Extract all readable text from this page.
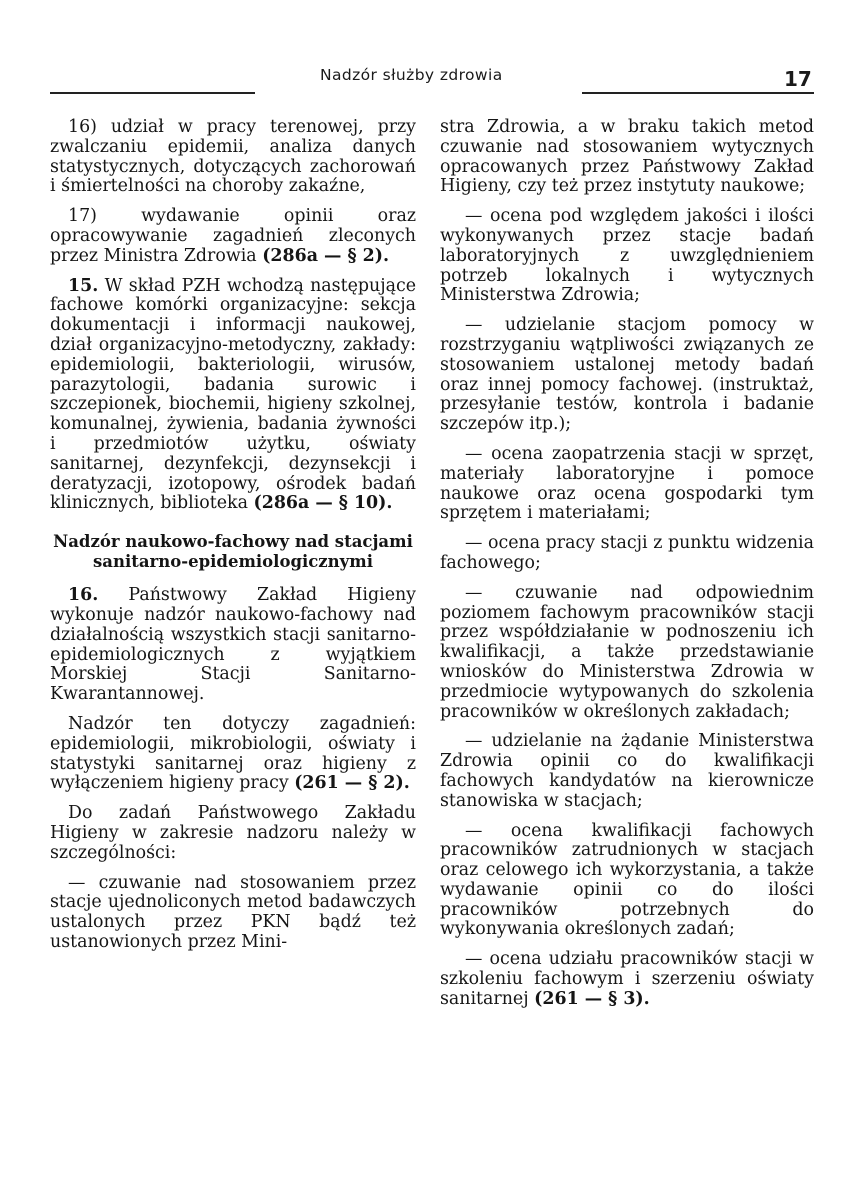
Nadzór służby zdrowia	17

16) udział w pracy terenowej, przy zwalczaniu epidemii, analiza danych statystycznych, dotyczących zachorowań i śmiertelności na choroby zakaźne,

17) wydawanie opinii oraz opracowywanie zagadnień zleconych przez Ministra Zdrowia (286a — § 2).

15. W skład PZH wchodzą następujące fachowe komórki organizacyjne: sekcja dokumentacji i informacji naukowej, dział organizacyjno-metodyczny, zakłady: epidemiologii, bakteriologii, wirusów, parazytologii, badania surowic i szczepionek, biochemii, higieny szkolnej, komunalnej, żywienia, badania żywności i przedmiotów użytku, oświaty sanitarnej, dezynfekcji, dezynsekcji i deratyzacji, izotopowy, ośrodek badań klinicznych, biblioteka (286a — § 10).

Nadzór naukowo-fachowy nad stacjami sanitarno-epidemiologicznymi

16. Państwowy Zakład Higieny wykonuje nadzór naukowo-fachowy nad działalnością wszystkich stacji sanitarno-epidemiologicznych z wyjątkiem Morskiej Stacji Sanitarno-Kwarantannowej.

Nadzór ten dotyczy zagadnień: epidemiologii, mikrobiologii, oświaty i statystyki sanitarnej oraz higieny z wyłączeniem higieny pracy (261 — § 2).

Do zadań Państwowego Zakładu Higieny w zakresie nadzoru należy w szczególności:

— czuwanie nad stosowaniem przez stacje ujednoliconych metod badawczych ustalonych przez PKN bądź też ustanowionych przez Mini-

stra Zdrowia, a w braku takich metod czuwanie nad stosowaniem wytycznych opracowanych przez Państwowy Zakład Higieny, czy też przez instytuty naukowe;

— ocena pod względem jakości i ilości wykonywanych przez stacje badań laboratoryjnych z uwzględnieniem potrzeb lokalnych i wytycznych Ministerstwa Zdrowia;

— udzielanie stacjom pomocy w rozstrzyganiu wątpliwości związanych ze stosowaniem ustalonej metody badań oraz innej pomocy fachowej. (instruktaż, przesyłanie testów, kontrola i badanie szczepów itp.);

— ocena zaopatrzenia stacji w sprzęt, materiały laboratoryjne i pomoce naukowe oraz ocena gospodarki tym sprzętem i materiałami;

— ocena pracy stacji z punktu widzenia fachowego;

— czuwanie nad odpowiednim poziomem fachowym pracowników stacji przez współdziałanie w podnoszeniu ich kwalifikacji, a także przedstawianie wniosków do Ministerstwa Zdrowia w przedmiocie wytypowanych do szkolenia pracowników w określonych zakładach;

— udzielanie na żądanie Ministerstwa Zdrowia opinii co do kwalifikacji fachowych kandydatów na kierownicze stanowiska w stacjach;

— ocena kwalifikacji fachowych pracowników zatrudnionych w stacjach oraz celowego ich wykorzystania, a także wydawanie opinii co do ilości pracowników potrzebnych do wykonywania określonych zadań;

— ocena udziału pracowników stacji w szkoleniu fachowym i szerzeniu oświaty sanitarnej (261 — § 3).
